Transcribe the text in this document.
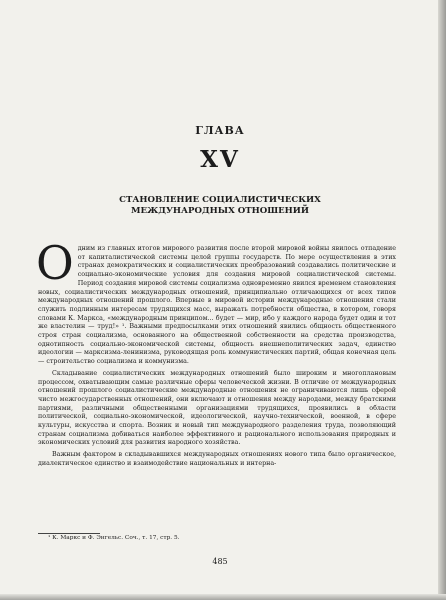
ГЛАВА
XV
СТАНОВЛЕНИЕ СОЦИАЛИСТИЧЕСКИХ
МЕЖДУНАРОДНЫХ ОТНОШЕНИЙ

Одним из главных итогов мирового развития после второй мировой войны явилось отпадение от капиталистической системы целой группы государств. По мере осуществления в этих странах демократических и социалистических преобразований создавались политические и социально-экономические условия для создания мировой социалистической системы. Период создания мировой системы социализма одновременно явился временем становления новых, социалистических международных отношений, принципиально отличающихся от всех типов международных отношений прошлого. Впервые в мировой истории международные отношения стали служить подлинным интересам трудящихся масс, выражать потребности общества, в котором, говоря словами К. Маркса, «международным принципом... будет — мир, ибо у каждого народа будет один и тот же властелин — труд!» ¹. Важными предпосылками этих отношений явились общность общественного строя стран социализма, основанного на общественной собственности на средства производства, однотипность социально-экономической системы, общность внешнеполитических задач, единство идеологии — марксизма-ленинизма, руководящая роль коммунистических партий, общая конечная цель — строительство социализма и коммунизма.

Складывание социалистических международных отношений было широким и многоплановым процессом, охватывающим самые различные сферы человеческой жизни. В отличие от международных отношений прошлого социалистические международные отношения не ограничиваются лишь сферой чисто межгосударственных отношений, они включают и отношения между народами, между братскими партиями, различными общественными организациями трудящихся, проявились в области политической, социально-экономической, идеологической, научно-технической, военной, в сфере культуры, искусства и спорта. Возник и новый тип международного разделения труда, позволяющий странам социализма добиваться наиболее эффективного и рационального использования природных и экономических условий для развития народного хозяйства.

Важным фактором в складывавшихся международных отношениях нового типа было органическое, диалектическое единство и взаимодействие национальных и интерна-

¹ К. Маркс и Ф. Энгельс. Соч., т. 17, стр. 5.
485
